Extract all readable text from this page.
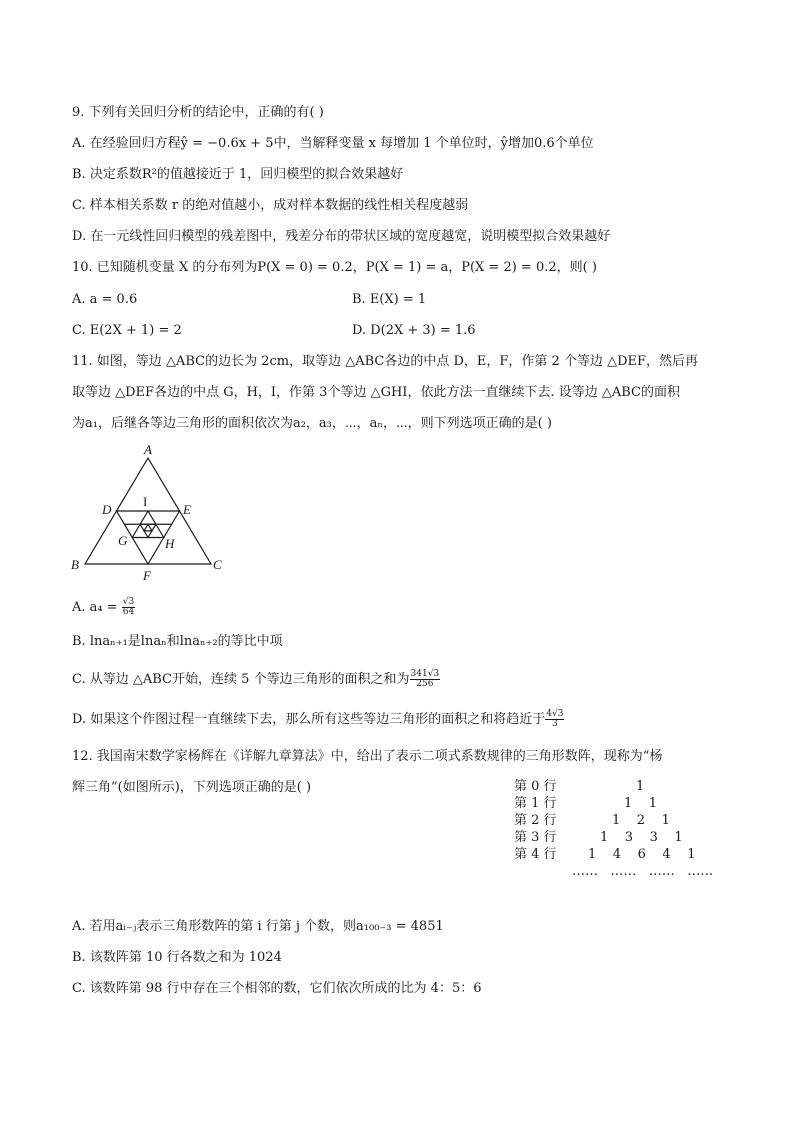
9. 下列有关回归分析的结论中，正确的有( )
A. 在经验回归方程ŷ = −0.6x + 5中，当解释变量 x 每增加 1 个单位时，ŷ增加0.6个单位
B. 决定系数R²的值越接近于 1，回归模型的拟合效果越好
C. 样本相关系数 r 的绝对值越小，成对样本数据的线性相关程度越弱
D. 在一元线性回归模型的残差图中，残差分布的带状区域的宽度越宽，说明模型拟合效果越好
10. 已知随机变量 X 的分布列为P(X = 0) = 0.2，P(X = 1) = a，P(X = 2) = 0.2，则( )
A. a = 0.6	B. E(X) = 1
C. E(2X + 1) = 2	D. D(2X + 3) = 1.6
11. 如图，等边 △ABC的边长为 2cm，取等边 △ABC各边的中点 D，E，F，作第 2 个等边 △DEF，然后再
取等边 △DEF各边的中点 G，H，I，作第 3个等边 △GHI，依此方法一直继续下去. 设等边 △ABC的面积
为a₁，后继各等边三角形的面积依次为a₂，a₃，⋯，aₙ，⋯，则下列选项正确的是( )
A
B	C
D	E
F
G	H
I
A. $a_4 = \frac{√3}{64}$
B. lnaₙ₊₁是lnaₙ和lnaₙ₊₂的等比中项
C. 从等边 △ABC开始，连续 5 个等边三角形的面积之和为 $\frac{341√3}{256}$
D. 如果这个作图过程一直继续下去，那么所有这些等边三角形的面积之和将趋近于 $\frac{4√3}{3}$
12. 我国南宋数学家杨辉在《详解九章算法》中，给出了表示二项式系数规律的三角形数阵，现称为“杨
辉三角”(如图所示)，下列选项正确的是( )	第 0 行	1
第 1 行	1    1
第 2 行	1    2    1
第 3 行	1    3    3    1
第 4 行 1    4    6    4    1
……   ……   ……   ……
A. 若用aᵢ₋ⱼ表示三角形数阵的第 i 行第 j 个数，则a₁₀₀₋₃ = 4851
B. 该数阵第 10 行各数之和为 1024
C. 该数阵第 98 行中存在三个相邻的数，它们依次所成的比为 4：5：6
